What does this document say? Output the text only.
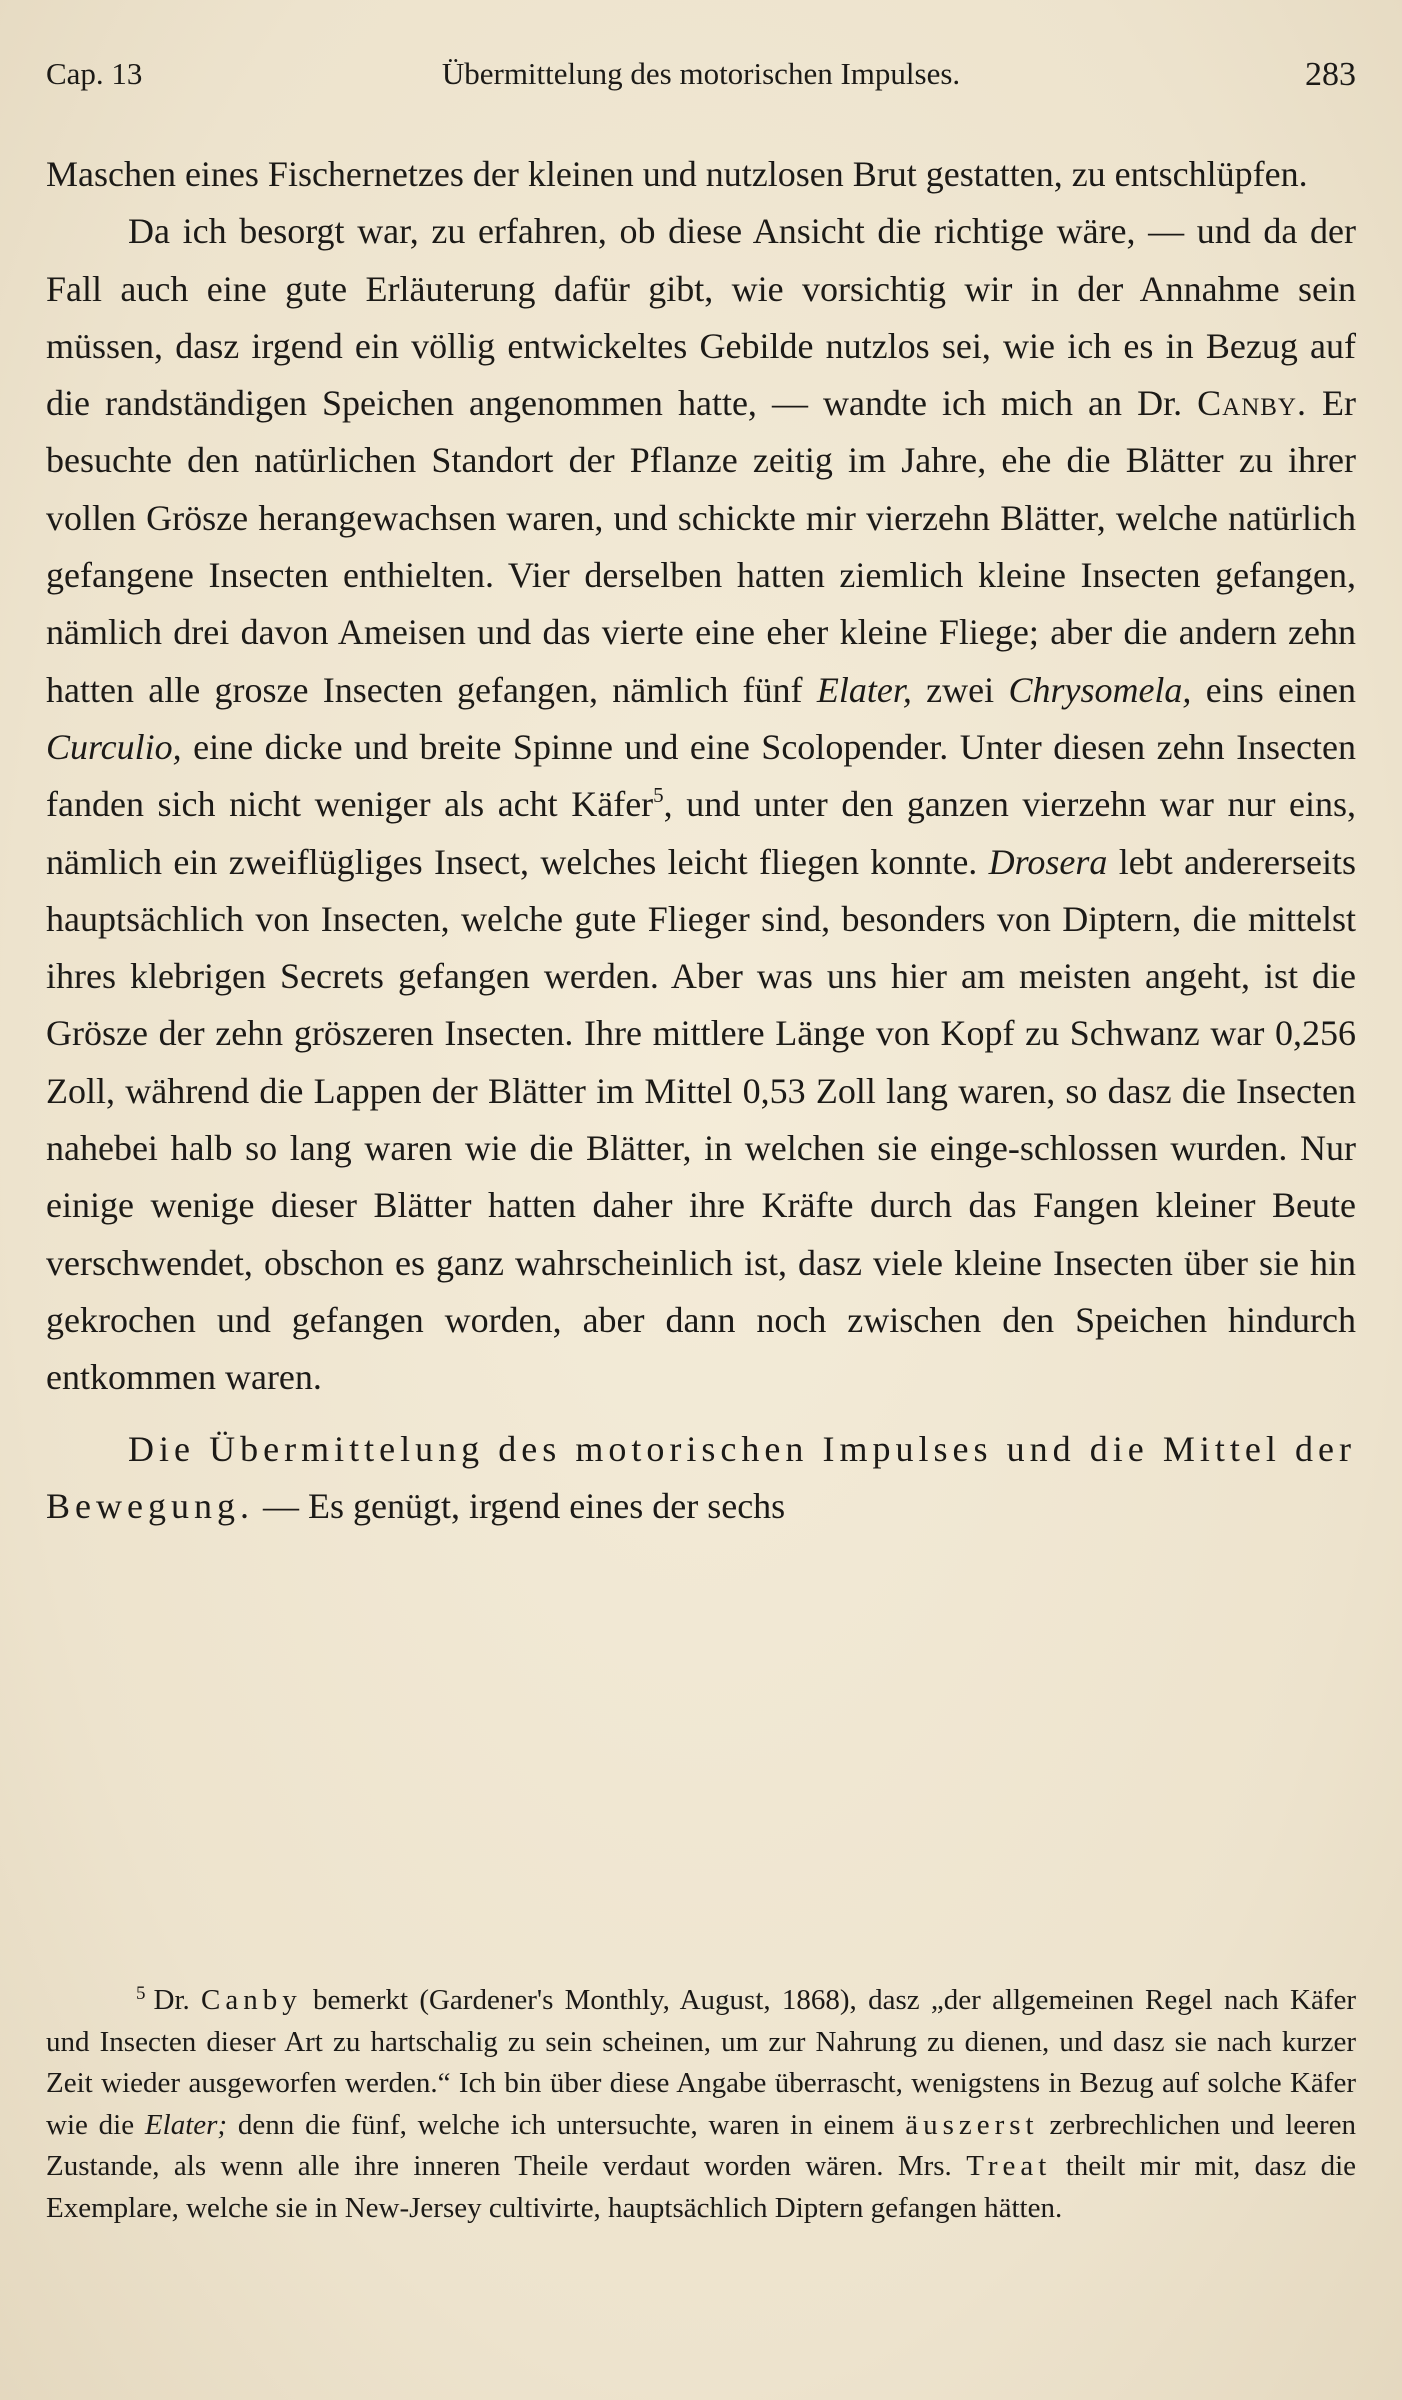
Cap. 13	Übermittelung des motorischen Impulses.	283

Maschen eines Fischernetzes der kleinen und nutzlosen Brut gestatten, zu entschlüpfen.

Da ich besorgt war, zu erfahren, ob diese Ansicht die richtige wäre, — und da der Fall auch eine gute Erläuterung dafür gibt, wie vorsichtig wir in der Annahme sein müssen, dasz irgend ein völlig entwickeltes Gebilde nutzlos sei, wie ich es in Bezug auf die randständigen Speichen angenommen hatte, — wandte ich mich an Dr. Canby. Er besuchte den natürlichen Standort der Pflanze zeitig im Jahre, ehe die Blätter zu ihrer vollen Grösze herangewachsen waren, und schickte mir vierzehn Blätter, welche natürlich gefangene Insecten enthielten. Vier derselben hatten ziemlich kleine Insecten gefangen, nämlich drei davon Ameisen und das vierte eine eher kleine Fliege; aber die andern zehn hatten alle grosze Insecten gefangen, nämlich fünf Elater, zwei Chrysomela, eins einen Curculio, eine dicke und breite Spinne und eine Scolopender. Unter diesen zehn Insecten fanden sich nicht weniger als acht Käfer$^5$, und unter den ganzen vierzehn war nur eins, nämlich ein zweiflügliges Insect, welches leicht fliegen konnte. Drosera lebt andererseits hauptsächlich von Insecten, welche gute Flieger sind, besonders von Diptern, die mittelst ihres klebrigen Secrets gefangen werden. Aber was uns hier am meisten angeht, ist die Grösze der zehn gröszeren Insecten. Ihre mittlere Länge von Kopf zu Schwanz war 0,256 Zoll, während die Lappen der Blätter im Mittel 0,53 Zoll lang waren, so dasz die Insecten nahebei halb so lang waren wie die Blätter, in welchen sie einge-schlossen wurden. Nur einige wenige dieser Blätter hatten daher ihre Kräfte durch das Fangen kleiner Beute verschwendet, obschon es ganz wahrscheinlich ist, dasz viele kleine Insecten über sie hin gekrochen und gefangen worden, aber dann noch zwischen den Speichen hindurch entkommen waren.

Die Übermittelung des motorischen Impulses und die Mittel der Bewegung. — Es genügt, irgend eines der sechs

$^5$ Dr. Canby bemerkt (Gardener's Monthly, August, 1868), dasz „der allgemeinen Regel nach Käfer und Insecten dieser Art zu hartschalig zu sein scheinen, um zur Nahrung zu dienen, und dasz sie nach kurzer Zeit wieder ausgeworfen werden.“ Ich bin über diese Angabe überrascht, wenigstens in Bezug auf solche Käfer wie die Elater; denn die fünf, welche ich untersuchte, waren in einem äuszerst zerbrechlichen und leeren Zustande, als wenn alle ihre inneren Theile verdaut worden wären. Mrs. Treat theilt mir mit, dasz die Exemplare, welche sie in New-Jersey cultivirte, hauptsächlich Diptern gefangen hätten.
